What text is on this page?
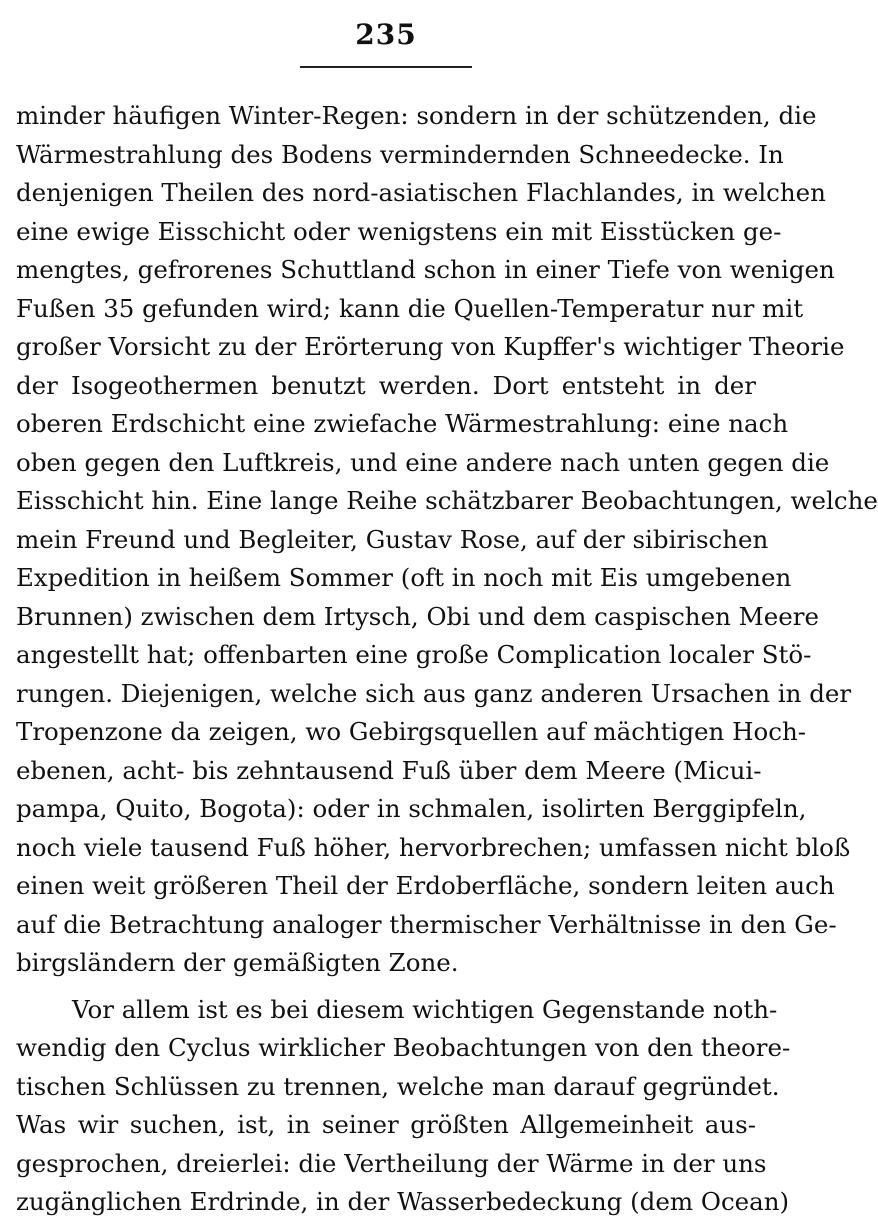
235
minder häufigen Winter-Regen: sondern in der schützenden, die
Wärmestrahlung des Bodens vermindernden Schneedecke. In
denjenigen Theilen des nord-asiatischen Flachlandes, in welchen
eine ewige Eisschicht oder wenigstens ein mit Eisstücken ge-
mengtes, gefrorenes Schuttland schon in einer Tiefe von wenigen
Fußen 35 gefunden wird; kann die Quellen-Temperatur nur mit
großer Vorsicht zu der Erörterung von Kupffer's wichtiger Theorie
der Isogeothermen benutzt werden. Dort entsteht in der
oberen Erdschicht eine zwiefache Wärmestrahlung: eine nach
oben gegen den Luftkreis, und eine andere nach unten gegen die
Eisschicht hin. Eine lange Reihe schätzbarer Beobachtungen, welche
mein Freund und Begleiter, Gustav Rose, auf der sibirischen
Expedition in heißem Sommer (oft in noch mit Eis umgebenen
Brunnen) zwischen dem Irtysch, Obi und dem caspischen Meere
angestellt hat; offenbarten eine große Complication localer Stö-
rungen. Diejenigen, welche sich aus ganz anderen Ursachen in der
Tropenzone da zeigen, wo Gebirgsquellen auf mächtigen Hoch-
ebenen, acht- bis zehntausend Fuß über dem Meere (Micui-
pampa, Quito, Bogota): oder in schmalen, isolirten Berggipfeln,
noch viele tausend Fuß höher, hervorbrechen; umfassen nicht bloß
einen weit größeren Theil der Erdoberfläche, sondern leiten auch
auf die Betrachtung analoger thermischer Verhältnisse in den Ge-
birgsländern der gemäßigten Zone.
Vor allem ist es bei diesem wichtigen Gegenstande noth-
wendig den Cyclus wirklicher Beobachtungen von den theore-
tischen Schlüssen zu trennen, welche man darauf gegründet.
Was wir suchen, ist, in seiner größten Allgemeinheit aus-
gesprochen, dreierlei: die Vertheilung der Wärme in der uns
zugänglichen Erdrinde, in der Wasserbedeckung (dem Ocean)
